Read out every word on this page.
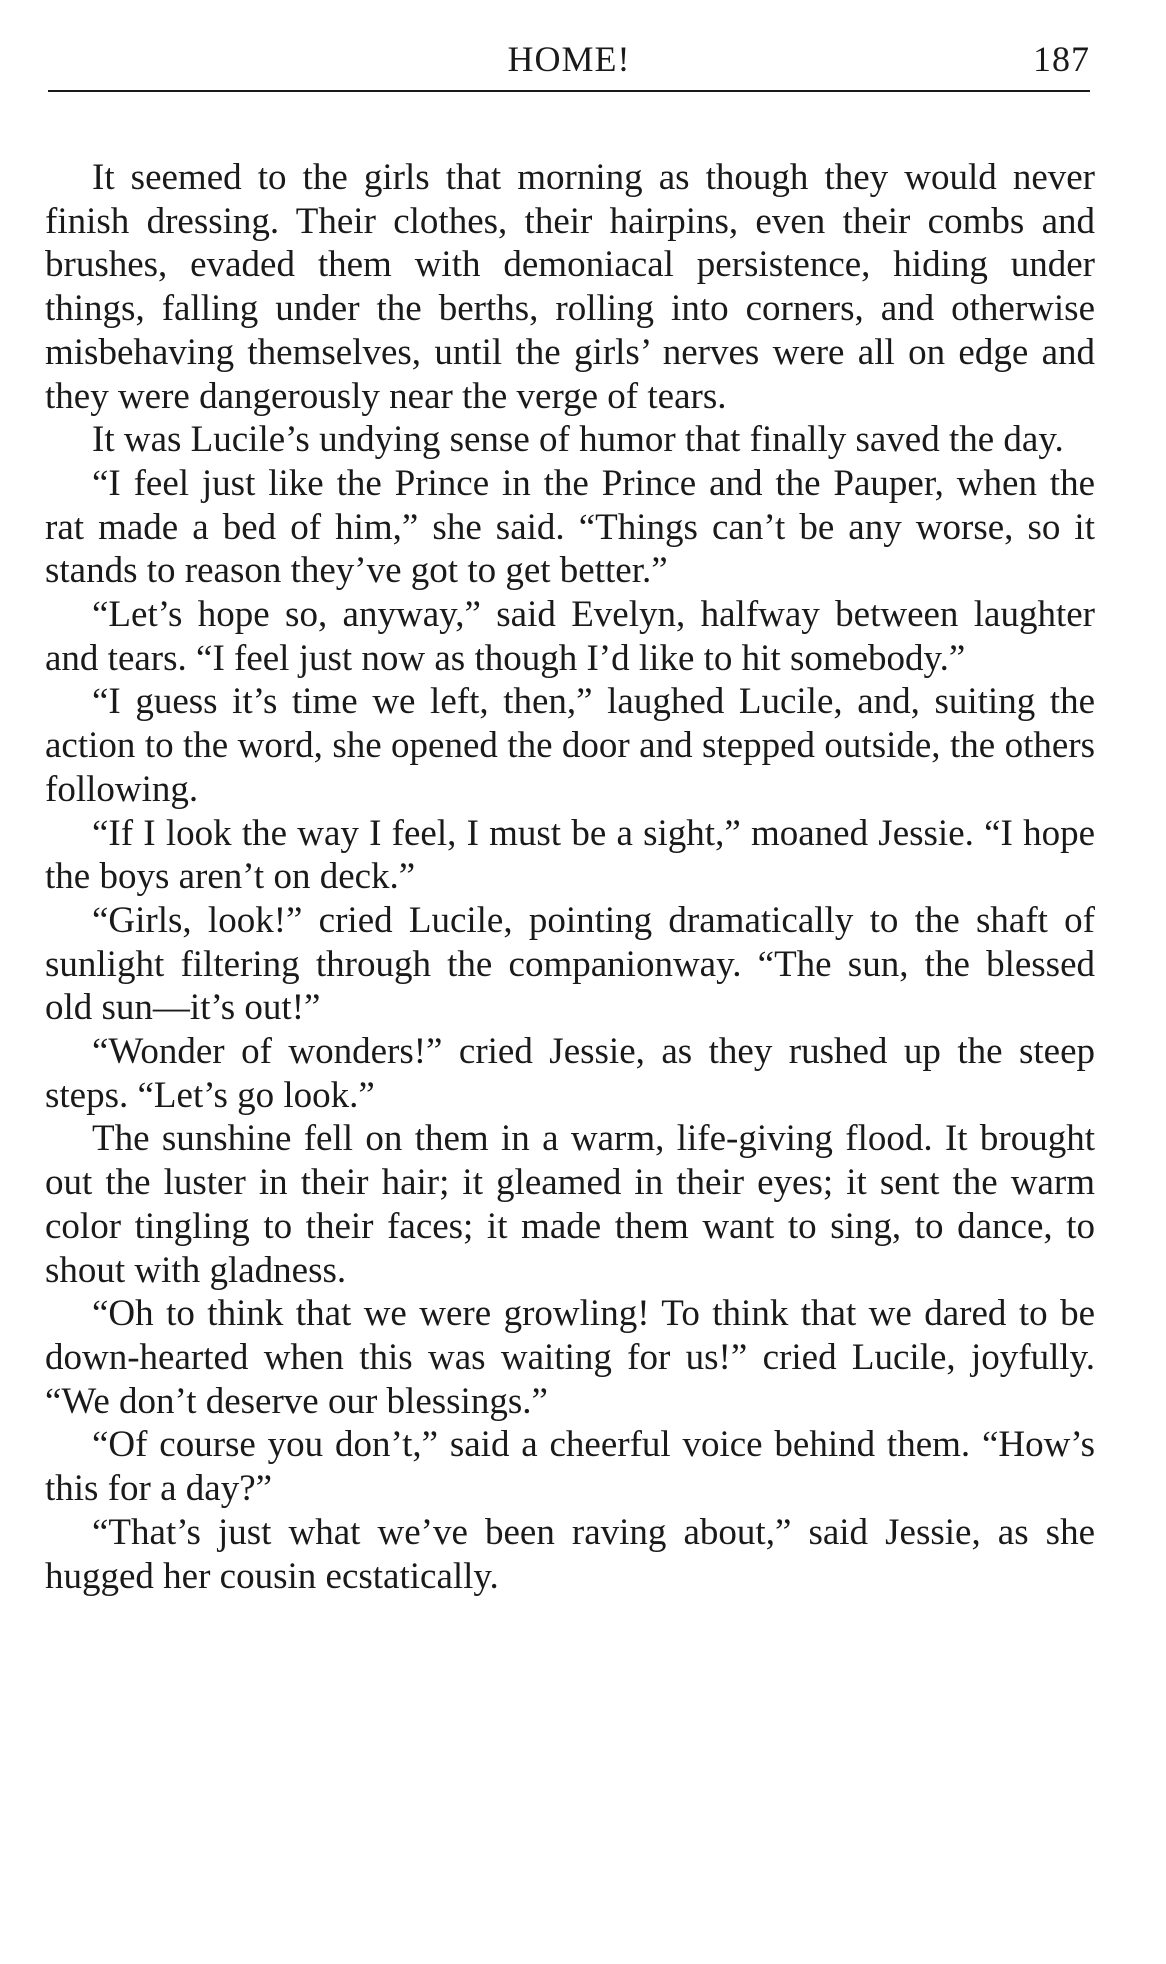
HOME!	187

It seemed to the girls that morning as though they would never finish dressing. Their clothes, their hairpins, even their combs and brushes, evaded them with demoniacal persistence, hiding under things, falling under the berths, rolling into corners, and otherwise misbehaving themselves, until the girls’ nerves were all on edge and they were dangerously near the verge of tears.

It was Lucile’s undying sense of humor that finally saved the day.

“I feel just like the Prince in the Prince and the Pauper, when the rat made a bed of him,” she said. “Things can’t be any worse, so it stands to reason they’ve got to get better.”

“Let’s hope so, anyway,” said Evelyn, halfway between laughter and tears. “I feel just now as though I’d like to hit somebody.”

“I guess it’s time we left, then,” laughed Lucile, and, suiting the action to the word, she opened the door and stepped outside, the others following.

“If I look the way I feel, I must be a sight,” moaned Jessie. “I hope the boys aren’t on deck.”

“Girls, look!” cried Lucile, pointing dramatically to the shaft of sunlight filtering through the companionway. “The sun, the blessed old sun—it’s out!”

“Wonder of wonders!” cried Jessie, as they rushed up the steep steps. “Let’s go look.”

The sunshine fell on them in a warm, life-giving flood. It brought out the luster in their hair; it gleamed in their eyes; it sent the warm color tingling to their faces; it made them want to sing, to dance, to shout with gladness.

“Oh to think that we were growling! To think that we dared to be down-hearted when this was waiting for us!” cried Lucile, joyfully. “We don’t deserve our blessings.”

“Of course you don’t,” said a cheerful voice behind them. “How’s this for a day?”

“That’s just what we’ve been raving about,” said Jessie, as she hugged her cousin ecstatically.
